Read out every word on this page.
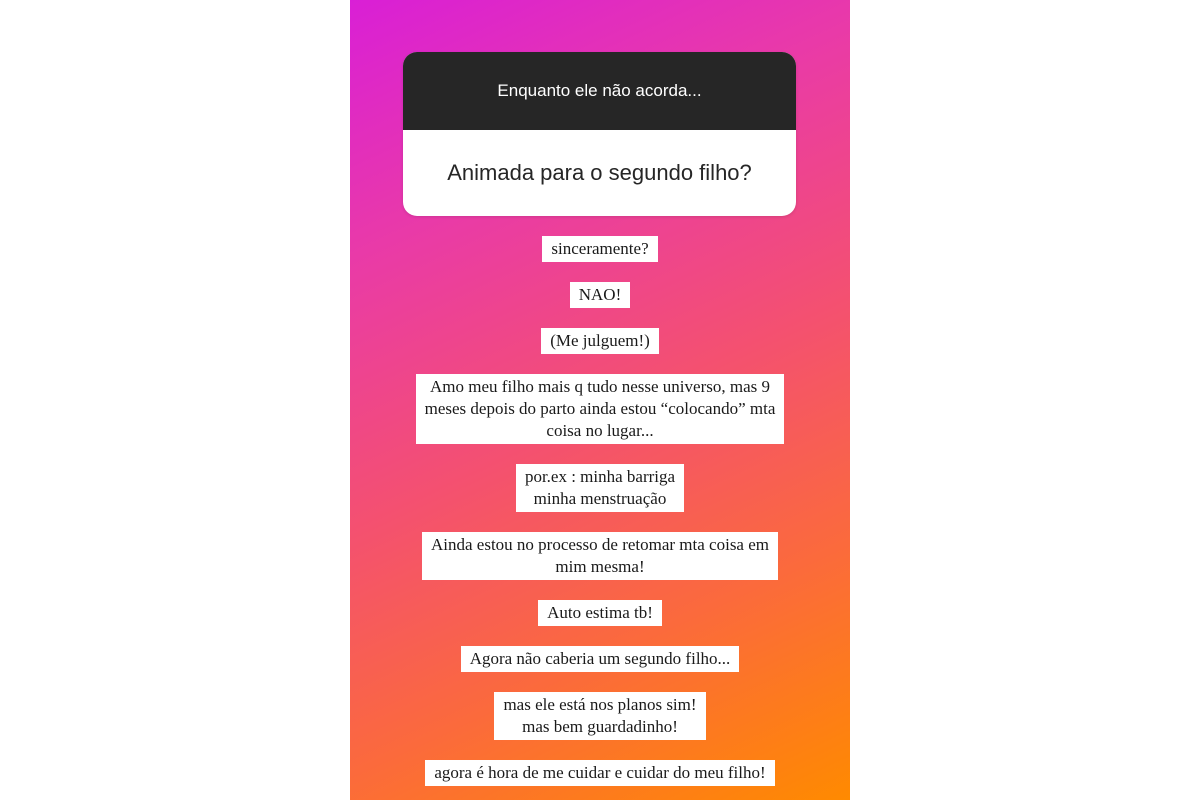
Enquanto ele não acorda...
Animada para o segundo filho?
sinceramente?
NAO!
(Me julguem!)
Amo meu filho mais q tudo nesse universo, mas 9
meses depois do parto ainda estou “colocando” mta
coisa no lugar...
por.ex : minha barriga
minha menstruação
Ainda estou no processo de retomar mta coisa em
mim mesma!
Auto estima tb!
Agora não caberia um segundo filho...
mas ele está nos planos sim!
mas bem guardadinho!
agora é hora de me cuidar e cuidar do meu filho!
